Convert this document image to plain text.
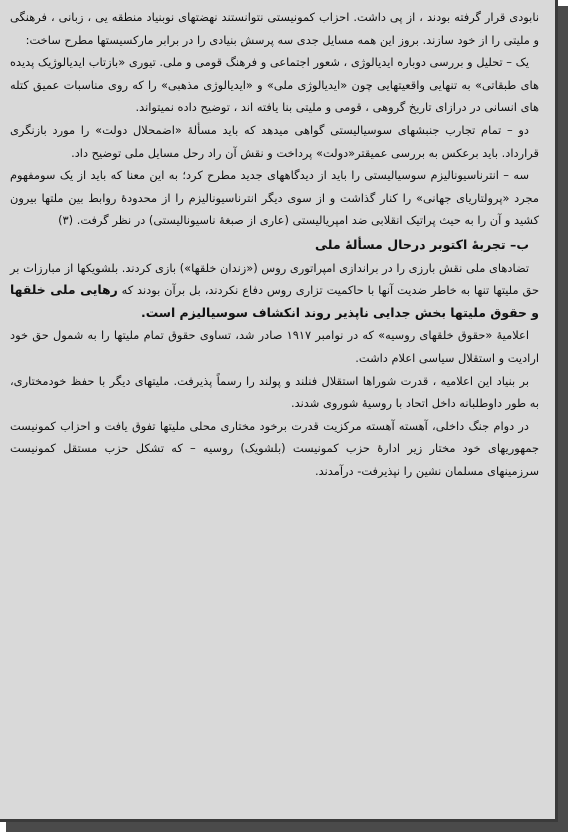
نابودی قرار گرفته بودند ، از پی داشت. احزاب کمونیستی نتوانستند نهضتهای نوبنیاد منطقه یی ، زبانی ، فرهنگی و ملیتی را از خود سازند. بروز این همه مسایل جدی سه پرسش بنیادی را در برابر مارکسیستها مطرح ساخت:

یک – تحلیل و بررسی دوباره ایدیالوژی ، شعور اجتماعی و فرهنگ قومی و ملی. تیوری «بازتاب ایدیالوژیک پدیده های طبقاتی» به تنهایی واقعیتهایی چون «ایدیالوژی ملی» و «ایدیالوژی مذهبی» را که روی مناسبات عمیق کتله های انسانی در درازای تاریخ گروهی ، قومی و ملیتی بنا یافته اند ، توضیح داده نمیتواند.

دو – تمام تجارب جنبشهای سوسیالیستی گواهی میدهد که باید مسألهٔ «اضمحلال دولت» را مورد بازنگری قرارداد. باید برعکس به بررسی عمیقتر«دولت» پرداخت و نقش آن راد رحل مسایل ملی توضیح داد.

سه – انترناسیونالیزم سوسیالیستی را باید از دیدگاههای جدید مطرح کرد؛ به این معنا که باید از یک سومفهوم مجرد «پرولتاریای جهانی» را کنار گذاشت و از سوی دیگر انترناسیونالیزم را از محدودهٔ روابط بین ملتها بیرون کشید و آن را به حیث پراتیک انقلابی ضد امپریالیستی (عاری از صبغهٔ ناسیونالیستی) در نظر گرفت. (۳)

ب– تجربهٔ اکتوبر درحال مسألهٔ ملی

تضادهای ملی نقش بارزی را در براندازی امپراتوری روس («زندان خلقها») بازی کردند. بلشویکها از مبارزات بر حق ملیتها تنها به خاطر ضدیت آنها با حاکمیت تزاری روس دفاع نکردند، بل برآن بودند که رهایی ملی خلقها و حقوق ملیتها بخش جدایی ناپذیر روند انکشاف سوسیالیزم است.

اعلامیهٔ «حقوق خلقهای روسیه» که در نوامبر ۱۹۱۷ صادر شد، تساوی حقوق تمام ملیتها را به شمول حق خود ارادیت و استقلال سیاسی اعلام داشت.

بر بنیاد این اعلامیه ، قدرت شوراها استقلال فنلند و پولند را رسماً پذیرفت. ملیتهای دیگر با حفظ خودمختاری، به طور داوطلبانه داخل اتحاد با روسیهٔ شوروی شدند.

در دوام جنگ داخلی، آهسته آهسته مرکزیت قدرت برخود مختاری محلی ملیتها تفوق یافت و احزاب کمونیست جمهوریهای خود مختار زیر ادارهٔ حزب کمونیست (بلشویک) روسیه – که تشکل حزب مستقل کمونیست سرزمینهای مسلمان نشین را نپذیرفت- درآمدند.
